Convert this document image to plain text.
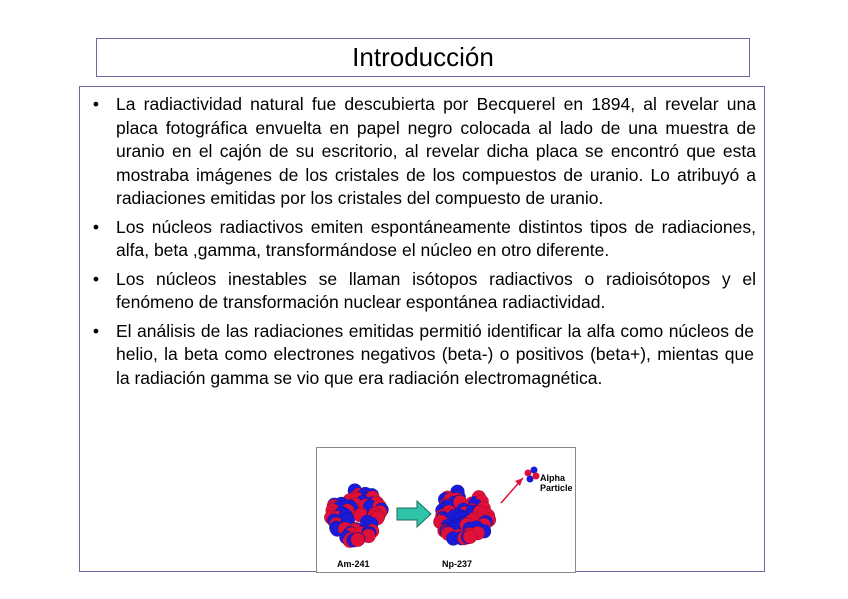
Introducción
• La radiactividad natural fue descubierta por Becquerel en 1894, al revelar una placa fotográfica envuelta en papel negro colocada al lado de una muestra de uranio en el cajón de su escritorio, al revelar dicha placa se encontró que esta mostraba imágenes de los cristales de los compuestos de uranio. Lo atribuyó a radiaciones emitidas por los cristales del compuesto de uranio.
• Los núcleos radiactivos emiten espontáneamente distintos tipos de radiaciones, alfa, beta ,gamma, transformándose el núcleo en otro diferente.
• Los núcleos inestables se llaman isótopos radiactivos o radioisótopos y el fenómeno de transformación nuclear espontánea radiactividad.
• El análisis de las radiaciones emitidas permitió identificar la alfa como núcleos de helio, la beta como electrones negativos (beta-) o positivos (beta+), mientas que la radiación gamma se vio que era radiación electromagnética.
Am-241	Np-237
Alpha
Particle
